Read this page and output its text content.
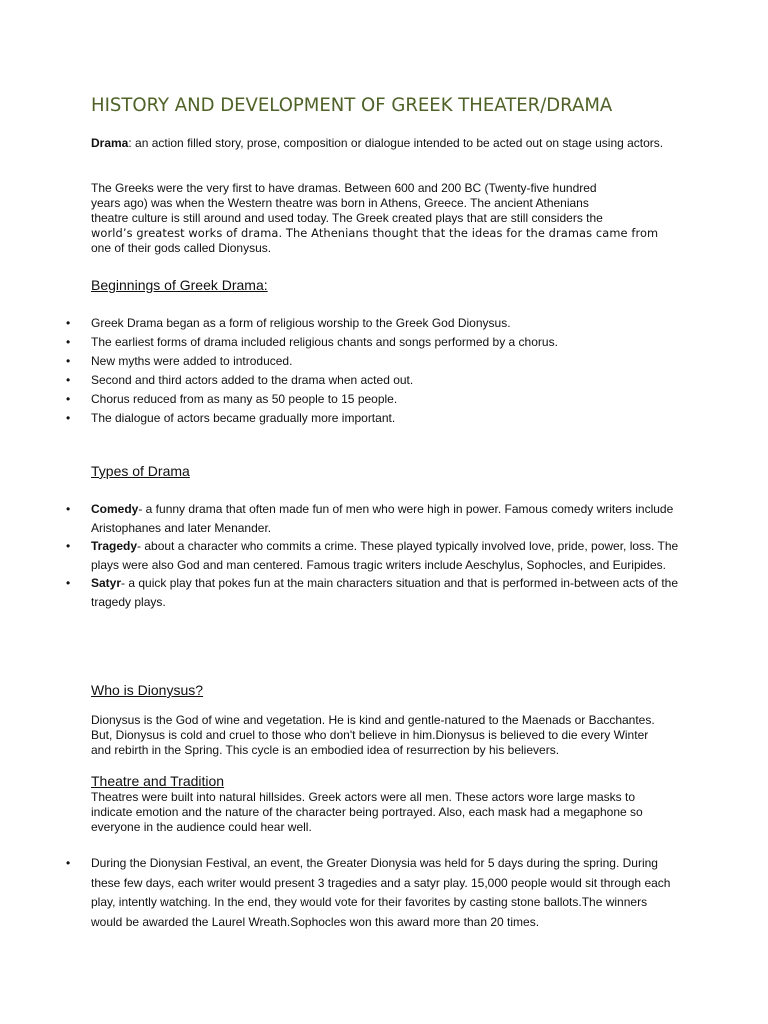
HISTORY AND DEVELOPMENT OF GREEK THEATER/DRAMA
Drama: an action filled story, prose, composition or dialogue intended to be acted out on stage using actors.
The Greeks were the very first to have dramas. Between 600 and 200 BC (Twenty-five hundred
years ago) was when the Western theatre was born in Athens, Greece. The ancient Athenians
theatre culture is still around and used today. The Greek created plays that are still considers the
world’s greatest works of drama. The Athenians thought that the ideas for the dramas came from
one of their gods called Dionysus.
Beginnings of Greek Drama:
• Greek Drama began as a form of religious worship to the Greek God Dionysus.
• The earliest forms of drama included religious chants and songs performed by a chorus.
• New myths were added to introduced.
• Second and third actors added to the drama when acted out.
• Chorus reduced from as many as 50 people to 15 people.
• The dialogue of actors became gradually more important.
Types of Drama
• Comedy- a funny drama that often made fun of men who were high in power. Famous comedy writers include Aristophanes and later Menander.
• Tragedy- about a character who commits a crime. These played typically involved love, pride, power, loss. The plays were also God and man centered. Famous tragic writers include Aeschylus, Sophocles, and Euripides.
• Satyr- a quick play that pokes fun at the main characters situation and that is performed in-between acts of the tragedy plays.
Who is Dionysus?
Dionysus is the God of wine and vegetation. He is kind and gentle-natured to the Maenads or Bacchantes. But, Dionysus is cold and cruel to those who don't believe in him.Dionysus is believed to die every Winter and rebirth in the Spring. This cycle is an embodied idea of resurrection by his believers.
Theatre and Tradition
Theatres were built into natural hillsides. Greek actors were all men. These actors wore large masks to indicate emotion and the nature of the character being portrayed. Also, each mask had a megaphone so everyone in the audience could hear well.
• During the Dionysian Festival, an event, the Greater Dionysia was held for 5 days during the spring. During these few days, each writer would present 3 tragedies and a satyr play. 15,000 people would sit through each play, intently watching. In the end, they would vote for their favorites by casting stone ballots.The winners would be awarded the Laurel Wreath.Sophocles won this award more than 20 times.
